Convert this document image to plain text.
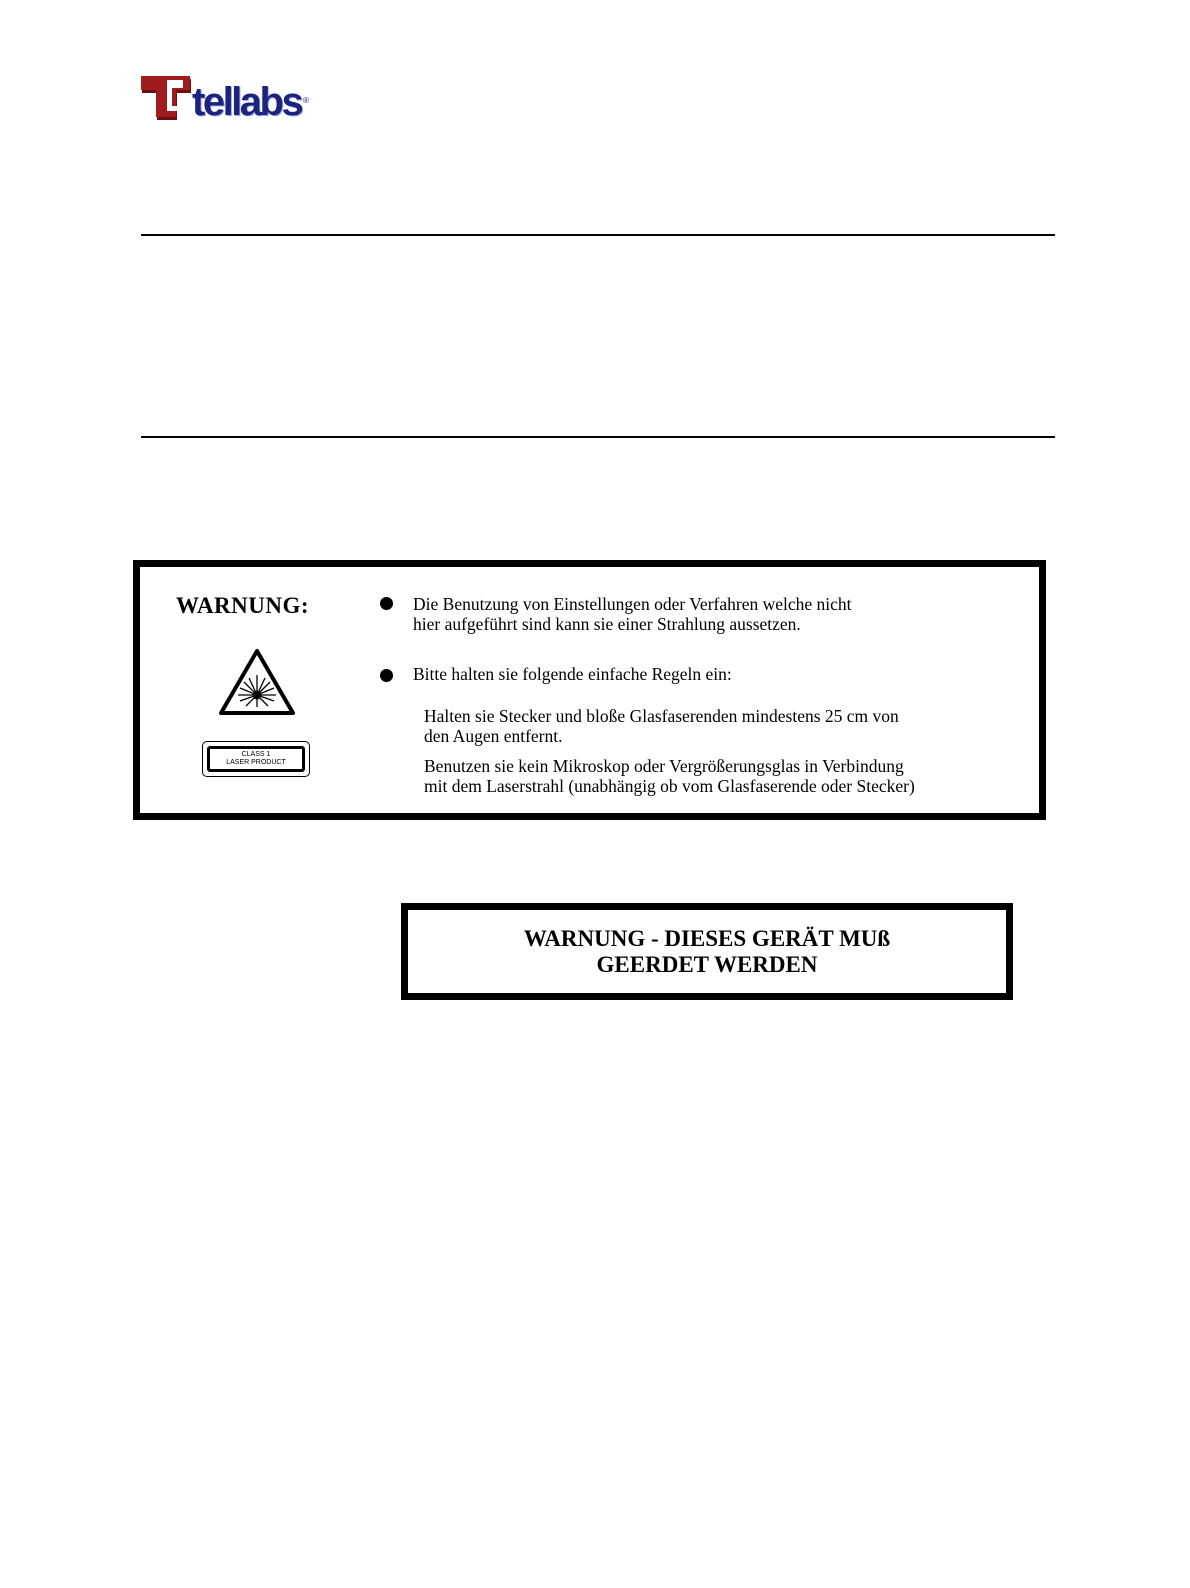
tellabs ®
WARNUNG:
CLASS 1
LASER PRODUCT
Die Benutzung von Einstellungen oder Verfahren welche nicht
hier aufgeführt sind kann sie einer Strahlung aussetzen.
Bitte halten sie folgende einfache Regeln ein:
Halten sie Stecker und bloße Glasfaserenden mindestens 25 cm von
den Augen entfernt.
Benutzen sie kein Mikroskop oder Vergrößerungsglas in Verbindung
mit dem Laserstrahl (unabhängig ob vom Glasfaserende oder Stecker)
WARNUNG - DIESES GERÄT MUß
GEERDET WERDEN
